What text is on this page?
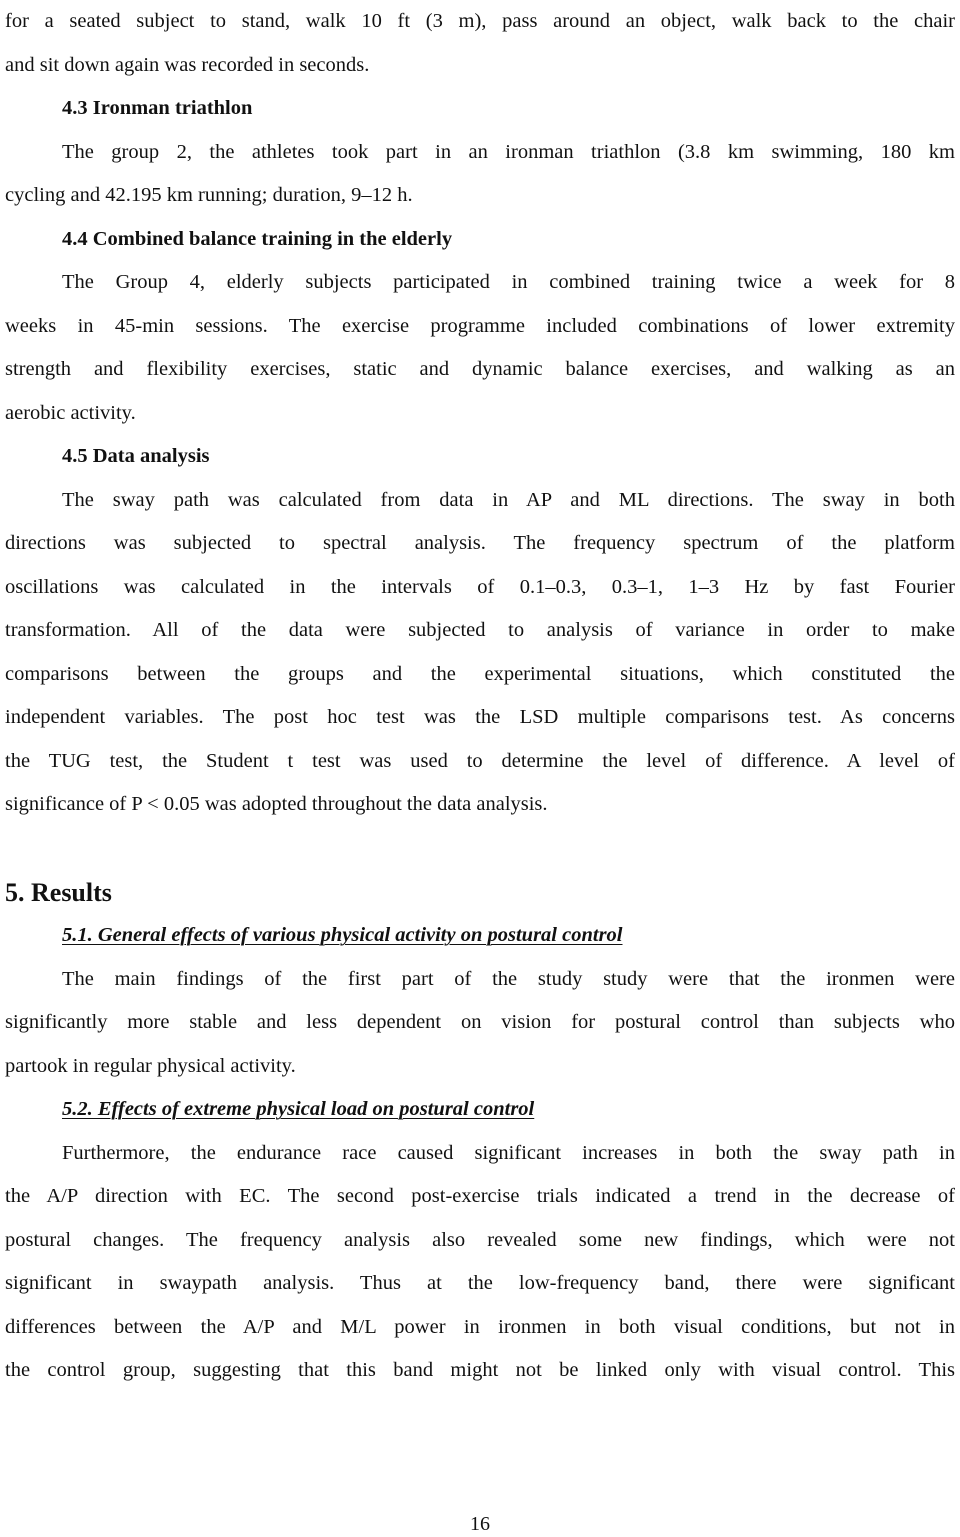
for a seated subject to stand, walk 10 ft (3 m), pass around an object, walk back to the chair
and sit down again was recorded in seconds.
4.3 Ironman triathlon
The group 2, the athletes took part in an ironman triathlon (3.8 km swimming, 180 km
cycling and 42.195 km running; duration, 9–12 h.
4.4 Combined balance training in the elderly
The Group 4, elderly subjects participated in combined training twice a week for 8
weeks in 45-min sessions. The exercise programme included combinations of lower extremity
strength and flexibility exercises, static and dynamic balance exercises, and walking as an
aerobic activity.
4.5 Data analysis
The sway path was calculated from data in AP and ML directions. The sway in both
directions was subjected to spectral analysis. The frequency spectrum of the platform
oscillations was calculated in the intervals of 0.1–0.3, 0.3–1, 1–3 Hz by fast Fourier
transformation. All of the data were subjected to analysis of variance in order to make
comparisons between the groups and the experimental situations, which constituted the
independent variables. The post hoc test was the LSD multiple comparisons test. As concerns
the TUG test, the Student t test was used to determine the level of difference. A level of
significance of P < 0.05 was adopted throughout the data analysis.
5. Results
5.1. General effects of various physical activity on postural control
The main findings of the first part of the study study were that the ironmen were
significantly more stable and less dependent on vision for postural control than subjects who
partook in regular physical activity.
5.2. Effects of extreme physical load on postural control
Furthermore, the endurance race caused significant increases in both the sway path in
the A/P direction with EC. The second post-exercise trials indicated a trend in the decrease of
postural changes. The frequency analysis also revealed some new findings, which were not
significant in swaypath analysis. Thus at the low-frequency band, there were significant
differences between the A/P and M/L power in ironmen in both visual conditions, but not in
the control group, suggesting that this band might not be linked only with visual control. This
16
